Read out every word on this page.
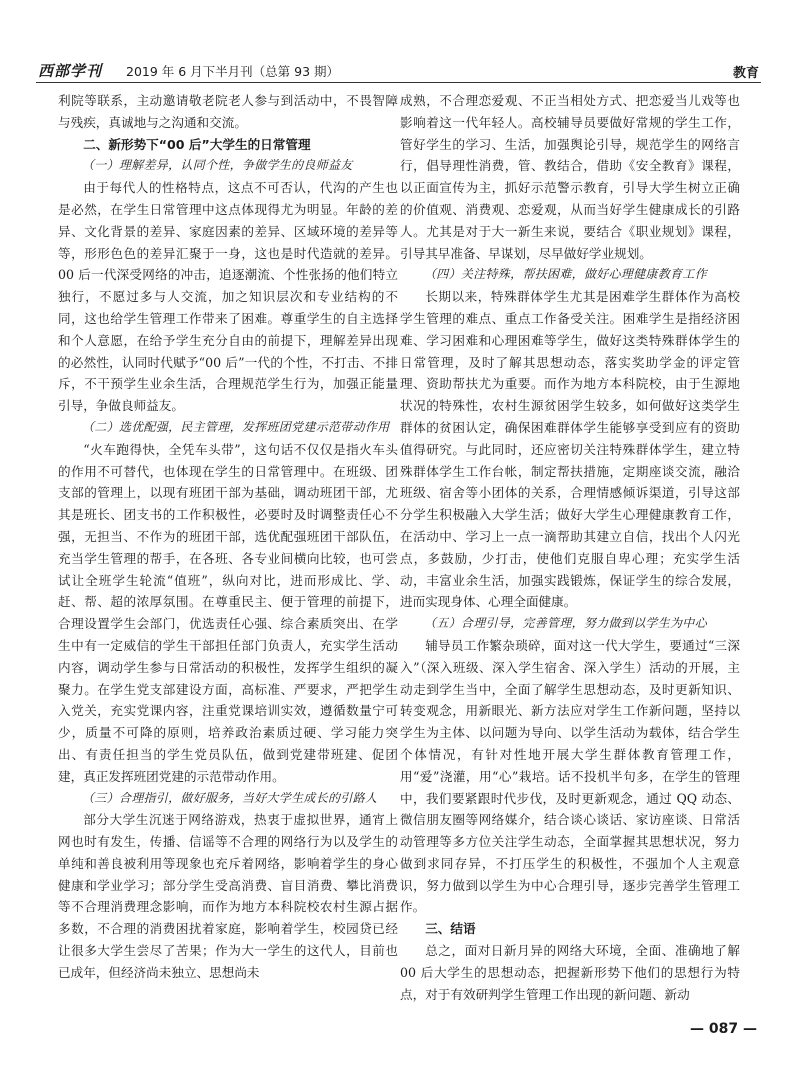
西部学刊 2019 年 6 月下半月刊（总第 93 期）	教育

利院等联系，主动邀请敬老院老人参与到活动中，不畏智障与残疾，真诚地与之沟通和交流。

二、新形势下“00 后”大学生的日常管理
（一）理解差异，认同个性，争做学生的良师益友

由于每代人的性格特点，这点不可否认，代沟的产生也是必然，在学生日常管理中这点体现得尤为明显。年龄的差异、文化背景的差异、家庭因素的差异、区域环境的差异等等，形形色色的差异汇聚于一身，这也是时代造就的差异。00 后一代深受网络的冲击，追逐潮流、个性张扬的他们特立独行，不愿过多与人交流，加之知识层次和专业结构的不同，这也给学生管理工作带来了困难。尊重学生的自主选择和个人意愿，在给予学生充分自由的前提下，理解差异出现的必然性，认同时代赋予“00 后”一代的个性，不打击、不排斥，不干预学生业余生活，合理规范学生行为，加强正能量引导，争做良师益友。

（二）选优配强，民主管理，发挥班团党建示范带动作用

“火车跑得快，全凭车头带”，这句话不仅仅是指火车头的作用不可替代，也体现在学生的日常管理中。在班级、团支部的管理上，以现有班团干部为基础，调动班团干部，尤其是班长、团支书的工作积极性，必要时及时调整责任心不强，无担当、不作为的班团干部，选优配强班团干部队伍，充当学生管理的帮手，在各班、各专业间横向比较，也可尝试让全班学生轮流“值班”，纵向对比，进而形成比、学、赶、帮、超的浓厚氛围。在尊重民主、便于管理的前提下，合理设置学生会部门，优选责任心强、综合素质突出、在学生中有一定威信的学生干部担任部门负责人，充实学生活动内容，调动学生参与日常活动的积极性，发挥学生组织的凝聚力。在学生党支部建设方面，高标准、严要求，严把学生入党关，充实党课内容，注重党课培训实效，遵循数量宁可少，质量不可降的原则，培养政治素质过硬、学习能力突出、有责任担当的学生党员队伍，做到党建带班建、促团建，真正发挥班团党建的示范带动作用。

（三）合理指引，做好服务，当好大学生成长的引路人

部分大学生沉迷于网络游戏，热衷于虚拟世界，通宵上网也时有发生，传播、信谣等不合理的网络行为以及学生的单纯和善良被利用等现象也充斥着网络，影响着学生的身心健康和学业学习；部分学生受高消费、盲目消费、攀比消费等不合理消费理念影响，而作为地方本科院校农村生源占据多数，不合理的消费困扰着家庭，影响着学生，校园贷已经让很多大学生尝尽了苦果；作为大一学生的这代人，目前也已成年，但经济尚未独立、思想尚未

成熟，不合理恋爱观、不正当相处方式、把恋爱当儿戏等也影响着这一代年轻人。高校辅导员要做好常规的学生工作，管好学生的学习、生活，加强舆论引导，规范学生的网络言行，倡导理性消费，管、教结合，借助《安全教育》课程，以正面宣传为主，抓好示范警示教育，引导大学生树立正确的价值观、消费观、恋爱观，从而当好学生健康成长的引路人。尤其是对于大一新生来说，要结合《职业规划》课程，引导其早准备、早谋划，尽早做好学业规划。

（四）关注特殊，帮扶困难，做好心理健康教育工作

长期以来，特殊群体学生尤其是困难学生群体作为高校学生管理的难点、重点工作备受关注。困难学生是指经济困难、学习困难和心理困难等学生，做好这类特殊群体学生的日常管理，及时了解其思想动态，落实奖助学金的评定管理、资助帮扶尤为重要。而作为地方本科院校，由于生源地状况的特殊性，农村生源贫困学生较多，如何做好这类学生群体的贫困认定，确保困难群体学生能够享受到应有的资助值得研究。与此同时，还应密切关注特殊群体学生，建立特殊群体学生工作台帐，制定帮扶措施，定期座谈交流，融洽班级、宿舍等小团体的关系，合理情感倾诉渠道，引导这部分学生积极融入大学生活；做好大学生心理健康教育工作，在活动中、学习上一点一滴帮助其建立自信，找出个人闪光点，多鼓励，少打击，使他们克服自卑心理；充实学生活动，丰富业余生活，加强实践锻炼，保证学生的综合发展，进而实现身体、心理全面健康。

（五）合理引导，完善管理，努力做到以学生为中心

辅导员工作繁杂琐碎，面对这一代大学生，要通过“三深入”（深入班级、深入学生宿舍、深入学生）活动的开展，主动走到学生当中，全面了解学生思想动态，及时更新知识、转变观念，用新眼光、新方法应对学生工作新问题，坚持以学生为主体、以问题为导向、以学生活动为载体，结合学生个体情况，有针对性地开展大学生群体教育管理工作，用“爱”浇灌，用“心”栽培。话不投机半句多，在学生的管理中，我们要紧跟时代步伐，及时更新观念，通过 QQ 动态、微信朋友圈等网络媒介，结合谈心谈话、家访座谈、日常活动管理等多方位关注学生动态，全面掌握其思想状况，努力做到求同存异，不打压学生的积极性，不强加个人主观意识，努力做到以学生为中心合理引导，逐步完善学生管理工作。

三、结语

总之，面对日新月异的网络大环境，全面、准确地了解 00 后大学生的思想动态，把握新形势下他们的思想行为特点，对于有效研判学生管理工作出现的新问题、新动

— 087 —
